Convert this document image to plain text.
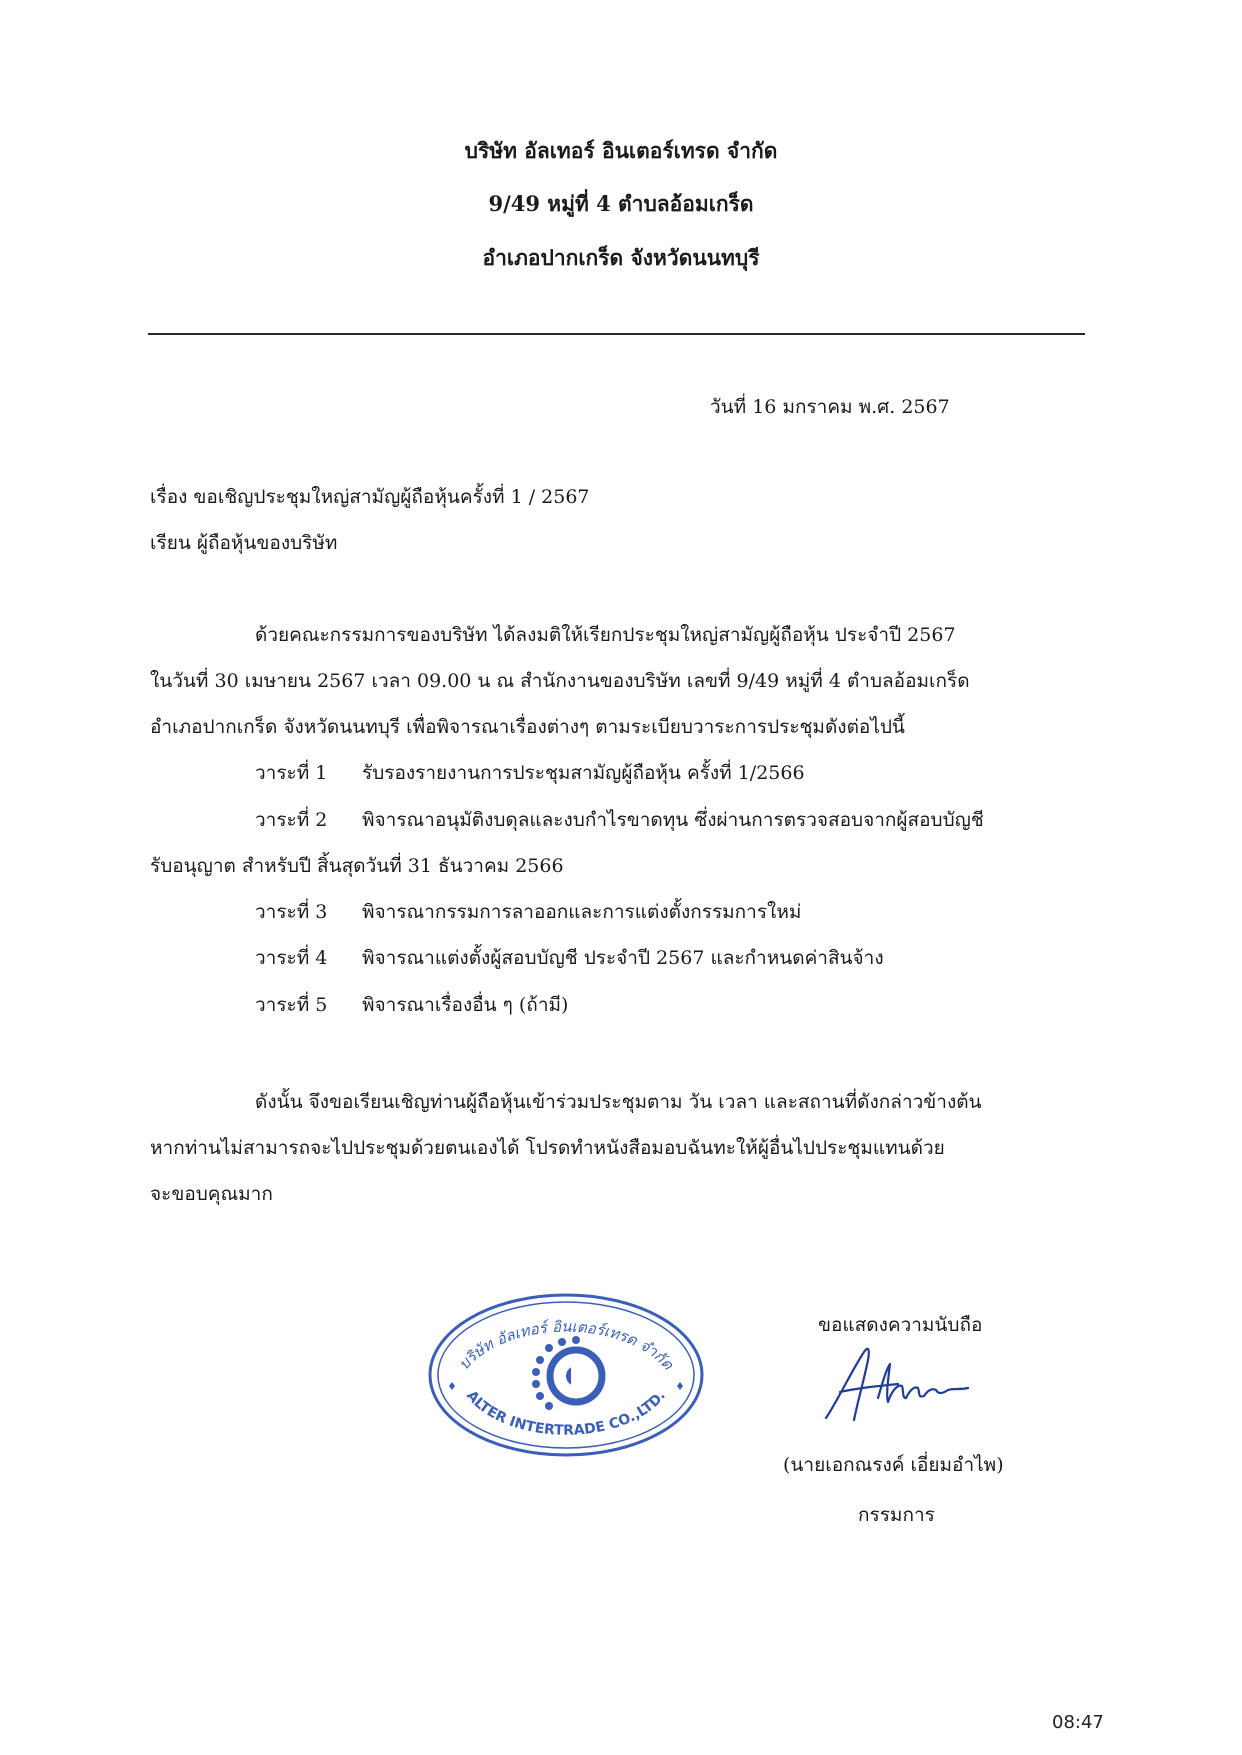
บริษัท อัลเทอร์ อินเตอร์เทรด จำกัด
9/49 หมู่ที่ 4 ตำบลอ้อมเกร็ด
อำเภอปากเกร็ด จังหวัดนนทบุรี
วันที่ 16 มกราคม พ.ศ. 2567
เรื่อง ขอเชิญประชุมใหญ่สามัญผู้ถือหุ้นครั้งที่ 1 / 2567
เรียน ผู้ถือหุ้นของบริษัท
ด้วยคณะกรรมการของบริษัท ได้ลงมติให้เรียกประชุมใหญ่สามัญผู้ถือหุ้น ประจำปี 2567
ในวันที่ 30 เมษายน 2567 เวลา 09.00 น ณ สำนักงานของบริษัท เลขที่ 9/49 หมู่ที่ 4 ตำบลอ้อมเกร็ด
อำเภอปากเกร็ด จังหวัดนนทบุรี เพื่อพิจารณาเรื่องต่างๆ ตามระเบียบวาระการประชุมดังต่อไปนี้
วาระที่ 1 รับรองรายงานการประชุมสามัญผู้ถือหุ้น ครั้งที่ 1/2566
วาระที่ 2 พิจารณาอนุมัติงบดุลและงบกำไรขาดทุน ซึ่งผ่านการตรวจสอบจากผู้สอบบัญชี
รับอนุญาต สำหรับปี สิ้นสุดวันที่ 31 ธันวาคม 2566
วาระที่ 3 พิจารณากรรมการลาออกและการแต่งตั้งกรรมการใหม่
วาระที่ 4 พิจารณาแต่งตั้งผู้สอบบัญชี ประจำปี 2567 และกำหนดค่าสินจ้าง
วาระที่ 5 พิจารณาเรื่องอื่น ๆ (ถ้ามี)
ดังนั้น จึงขอเรียนเชิญท่านผู้ถือหุ้นเข้าร่วมประชุมตาม วัน เวลา และสถานที่ดังกล่าวข้างต้น
หากท่านไม่สามารถจะไปประชุมด้วยตนเองได้ โปรดทำหนังสือมอบฉันทะให้ผู้อื่นไปประชุมแทนด้วย
จะขอบคุณมาก
บริษัท อัลเทอร์ อินเตอร์เทรด จำกัด
ALTER INTERTRADE CO.,LTD.
ขอแสดงความนับถือ
(นายเอกณรงค์ เอี่ยมอำไพ)
กรรมการ
08:47
